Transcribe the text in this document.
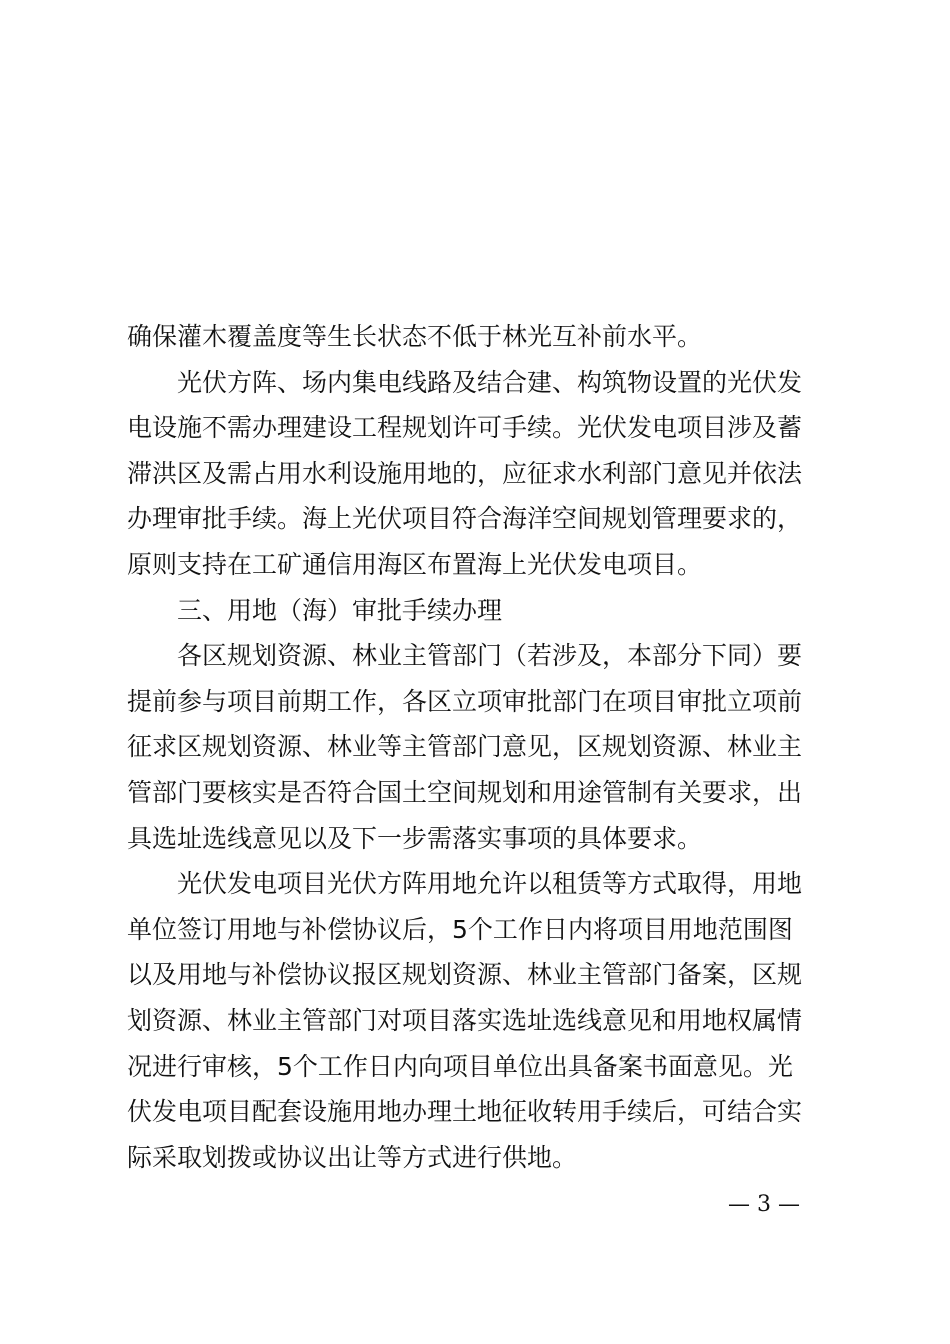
确保灌木覆盖度等生长状态不低于林光互补前水平。
光伏方阵、场内集电线路及结合建、构筑物设置的光伏发
电设施不需办理建设工程规划许可手续。光伏发电项目涉及蓄
滞洪区及需占用水利设施用地的，应征求水利部门意见并依法
办理审批手续。海上光伏项目符合海洋空间规划管理要求的，
原则支持在工矿通信用海区布置海上光伏发电项目。
三、用地（海）审批手续办理
各区规划资源、林业主管部门（若涉及，本部分下同）要
提前参与项目前期工作，各区立项审批部门在项目审批立项前
征求区规划资源、林业等主管部门意见，区规划资源、林业主
管部门要核实是否符合国土空间规划和用途管制有关要求，出
具选址选线意见以及下一步需落实事项的具体要求。
光伏发电项目光伏方阵用地允许以租赁等方式取得，用地
单位签订用地与补偿协议后，5个工作日内将项目用地范围图
以及用地与补偿协议报区规划资源、林业主管部门备案，区规
划资源、林业主管部门对项目落实选址选线意见和用地权属情
况进行审核，5个工作日内向项目单位出具备案书面意见。光
伏发电项目配套设施用地办理土地征收转用手续后，可结合实
际采取划拨或协议出让等方式进行供地。
— 3 —
